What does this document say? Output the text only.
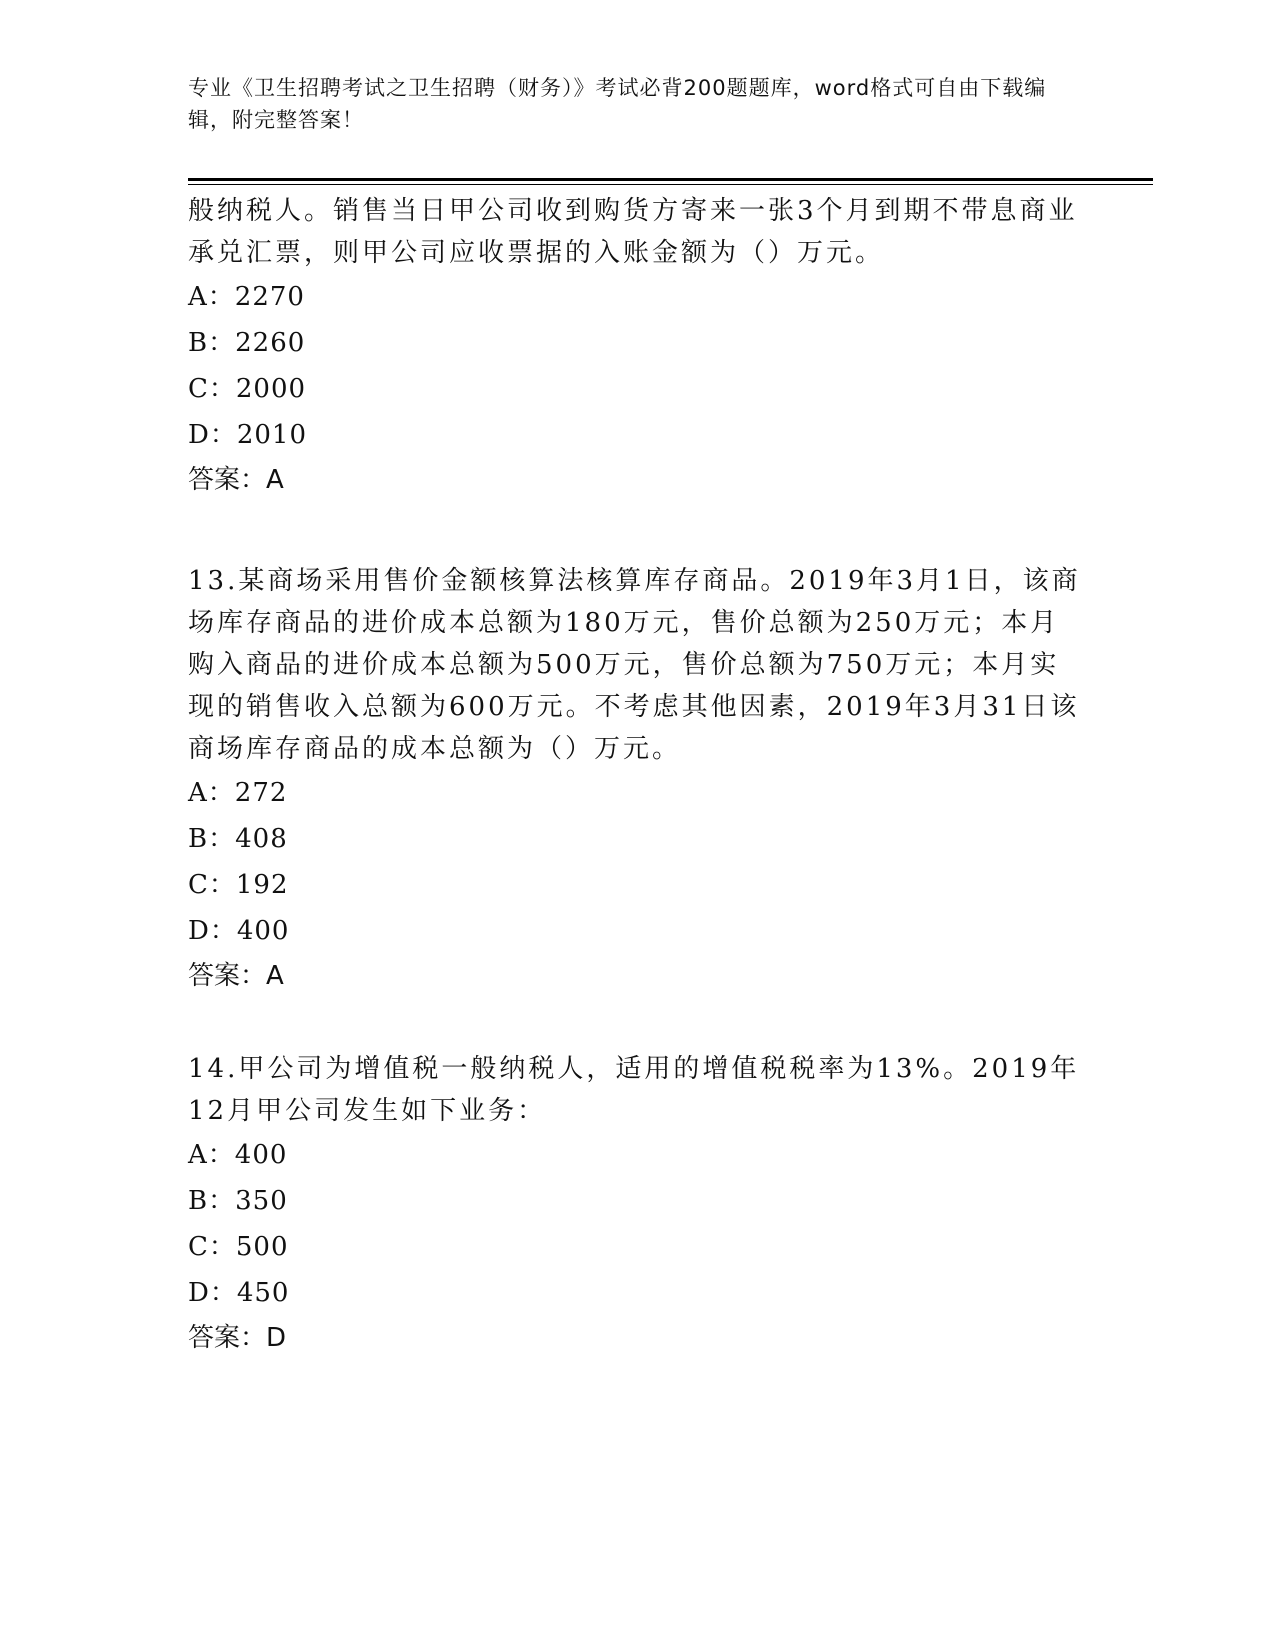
专业《卫生招聘考试之卫生招聘（财务）》考试必背200题题库，word格式可自由下载编辑，附完整答案！

般纳税人。销售当日甲公司收到购货方寄来一张3个月到期不带息商业承兑汇票，则甲公司应收票据的入账金额为（）万元。

A：2270

B：2260

C：2000

D：2010

答案：A

13.某商场采用售价金额核算法核算库存商品。2019年3月1日，该商场库存商品的进价成本总额为180万元，售价总额为250万元；本月购入商品的进价成本总额为500万元，售价总额为750万元；本月实现的销售收入总额为600万元。不考虑其他因素，2019年3月31日该商场库存商品的成本总额为（）万元。

A：272

B：408

C：192

D：400

答案：A

14.甲公司为增值税一般纳税人，适用的增值税税率为13%。2019年12月甲公司发生如下业务：

A：400

B：350

C：500

D：450

答案：D
